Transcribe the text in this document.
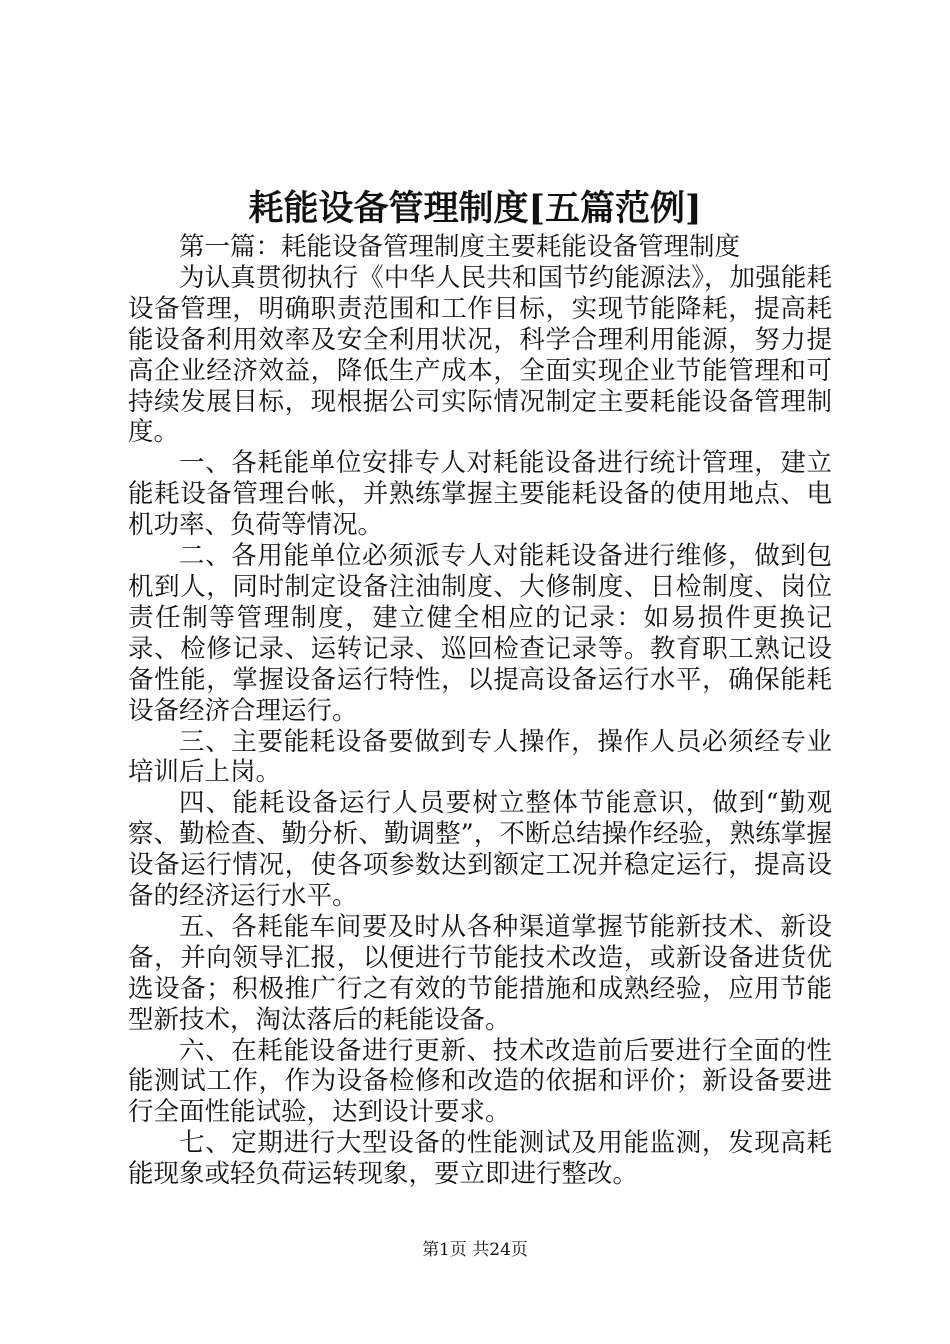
耗能设备管理制度[五篇范例]

第一篇：耗能设备管理制度主要耗能设备管理制度

为认真贯彻执行《中华人民共和国节约能源法》，加强能耗设备管理，明确职责范围和工作目标，实现节能降耗，提高耗能设备利用效率及安全利用状况，科学合理利用能源，努力提高企业经济效益，降低生产成本，全面实现企业节能管理和可持续发展目标，现根据公司实际情况制定主要耗能设备管理制度。

一、各耗能单位安排专人对耗能设备进行统计管理，建立能耗设备管理台帐，并熟练掌握主要能耗设备的使用地点、电机功率、负荷等情况。

二、各用能单位必须派专人对能耗设备进行维修，做到包机到人，同时制定设备注油制度、大修制度、日检制度、岗位责任制等管理制度，建立健全相应的记录：如易损件更换记录、检修记录、运转记录、巡回检查记录等。教育职工熟记设备性能，掌握设备运行特性，以提高设备运行水平，确保能耗设备经济合理运行。

三、主要能耗设备要做到专人操作，操作人员必须经专业培训后上岗。

四、能耗设备运行人员要树立整体节能意识，做到“勤观察、勤检查、勤分析、勤调整”，不断总结操作经验，熟练掌握设备运行情况，使各项参数达到额定工况并稳定运行，提高设备的经济运行水平。

五、各耗能车间要及时从各种渠道掌握节能新技术、新设备，并向领导汇报，以便进行节能技术改造，或新设备进货优选设备；积极推广行之有效的节能措施和成熟经验，应用节能型新技术，淘汰落后的耗能设备。

六、在耗能设备进行更新、技术改造前后要进行全面的性能测试工作，作为设备检修和改造的依据和评价；新设备要进行全面性能试验，达到设计要求。

七、定期进行大型设备的性能测试及用能监测，发现高耗能现象或轻负荷运转现象，要立即进行整改。

第1页 共24页
